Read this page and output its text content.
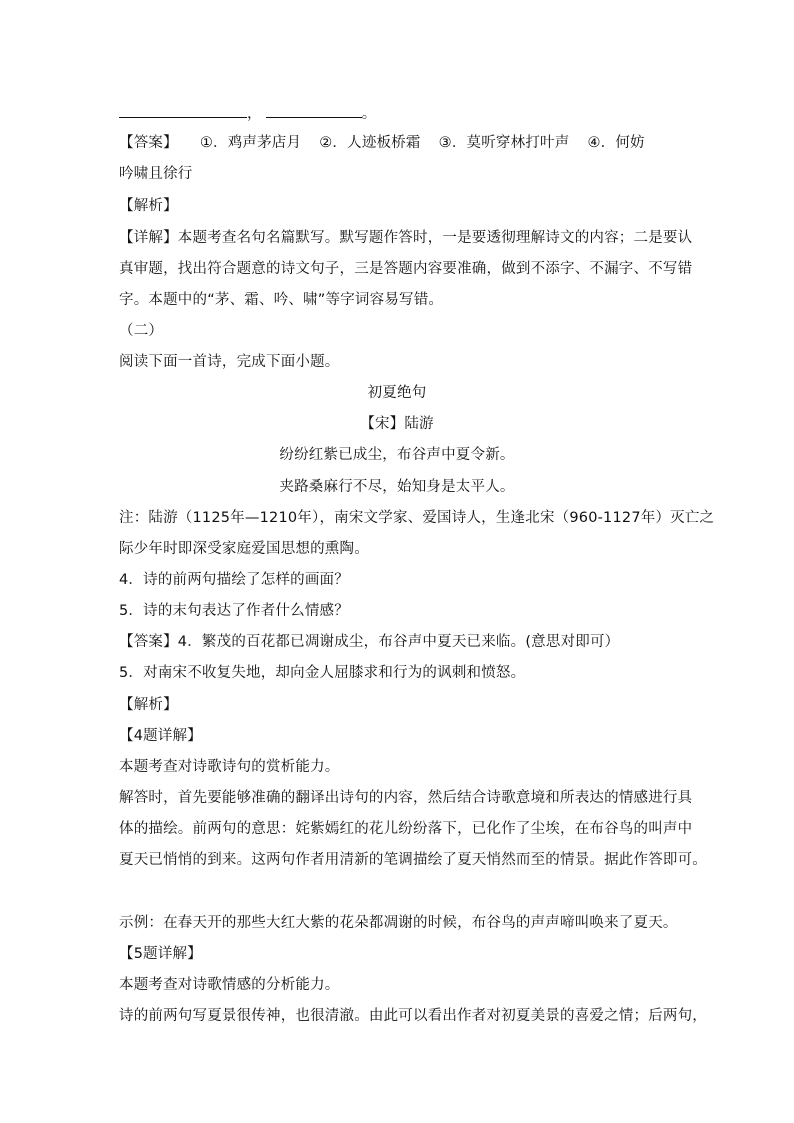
，	。
【答案】 ①．鸡声茅店月 ②．人迹板桥霜 ③．莫听穿林打叶声 ④．何妨
吟啸且徐行
【解析】
【详解】本题考查名句名篇默写。默写题作答时，一是要透彻理解诗文的内容；二是要认
真审题，找出符合题意的诗文句子，三是答题内容要准确，做到不添字、不漏字、不写错
字。本题中的“茅、霜、吟、啸”等字词容易写错。
（二）
阅读下面一首诗，完成下面小题。
初夏绝句
【宋】陆游
纷纷红紫已成尘，布谷声中夏令新。
夹路桑麻行不尽，始知身是太平人。
注：陆游（1125年—1210年），南宋文学家、爱国诗人，生逢北宋（960-1127年）灭亡之
际少年时即深受家庭爱国思想的熏陶。
4．诗的前两句描绘了怎样的画面？
5．诗的末句表达了作者什么情感？
【答案】4．繁茂的百花都已凋谢成尘，布谷声中夏天已来临。(意思对即可）
5．对南宋不收复失地，却向金人屈膝求和行为的讽刺和愤怒。
【解析】
【4题详解】
本题考查对诗歌诗句的赏析能力。
解答时，首先要能够准确的翻译出诗句的内容，然后结合诗歌意境和所表达的情感进行具
体的描绘。前两句的意思：姹紫嫣红的花儿纷纷落下，已化作了尘埃，在布谷鸟的叫声中
夏天已悄悄的到来。这两句作者用清新的笔调描绘了夏天悄然而至的情景。据此作答即可。
示例：在春天开的那些大红大紫的花朵都凋谢的时候，布谷鸟的声声啼叫唤来了夏天。
【5题详解】
本题考查对诗歌情感的分析能力。
诗的前两句写夏景很传神，也很清澈。由此可以看出作者对初夏美景的喜爱之情；后两句，
